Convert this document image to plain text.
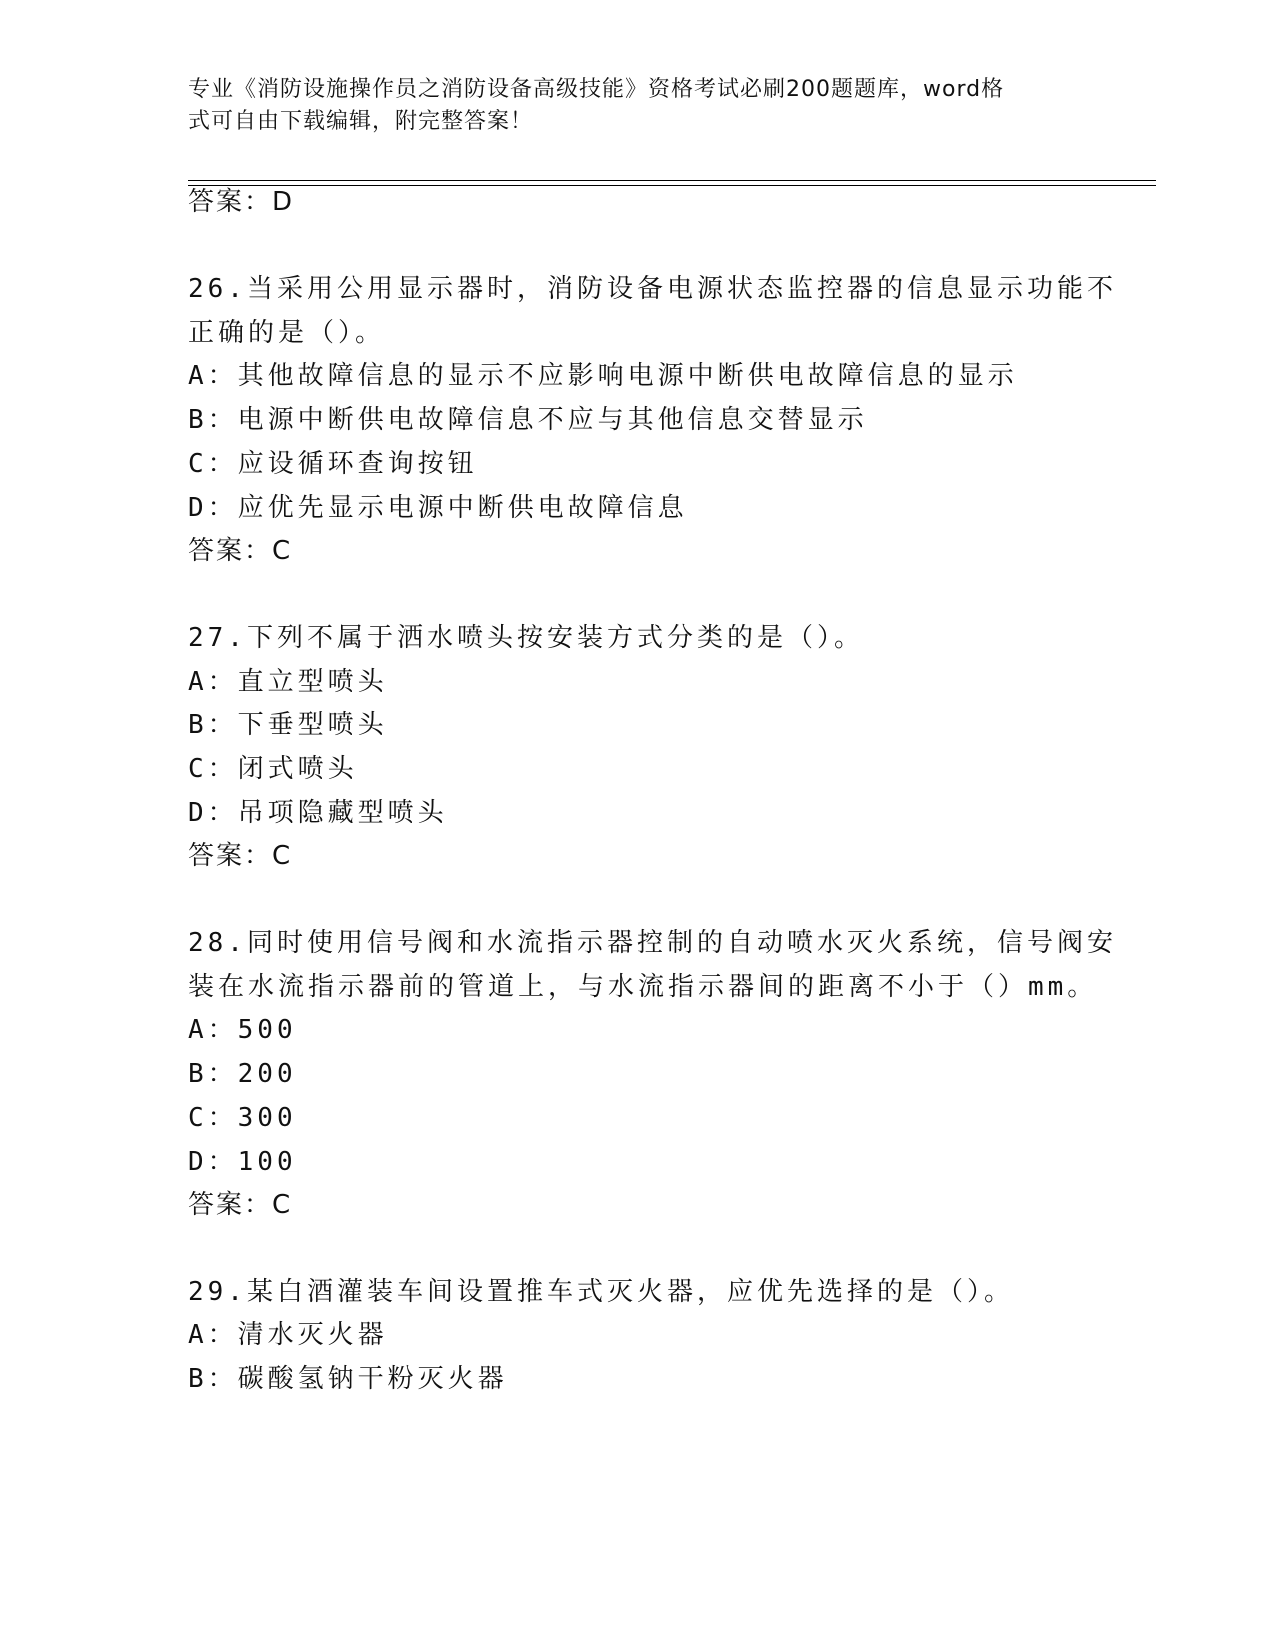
专业《消防设施操作员之消防设备高级技能》资格考试必刷200题题库，word格
式可自由下载编辑，附完整答案！
答案：D
26.当采用公用显示器时，消防设备电源状态监控器的信息显示功能不
正确的是（）。
A：其他故障信息的显示不应影响电源中断供电故障信息的显示
B：电源中断供电故障信息不应与其他信息交替显示
C：应设循环查询按钮
D：应优先显示电源中断供电故障信息
答案：C
27.下列不属于洒水喷头按安装方式分类的是（）。
A：直立型喷头
B：下垂型喷头
C：闭式喷头
D：吊项隐藏型喷头
答案：C
28.同时使用信号阀和水流指示器控制的自动喷水灭火系统，信号阀安
装在水流指示器前的管道上，与水流指示器间的距离不小于（）mm。
A：500
B：200
C：300
D：100
答案：C
29.某白酒灌装车间设置推车式灭火器，应优先选择的是（）。
A：清水灭火器
B：碳酸氢钠干粉灭火器
